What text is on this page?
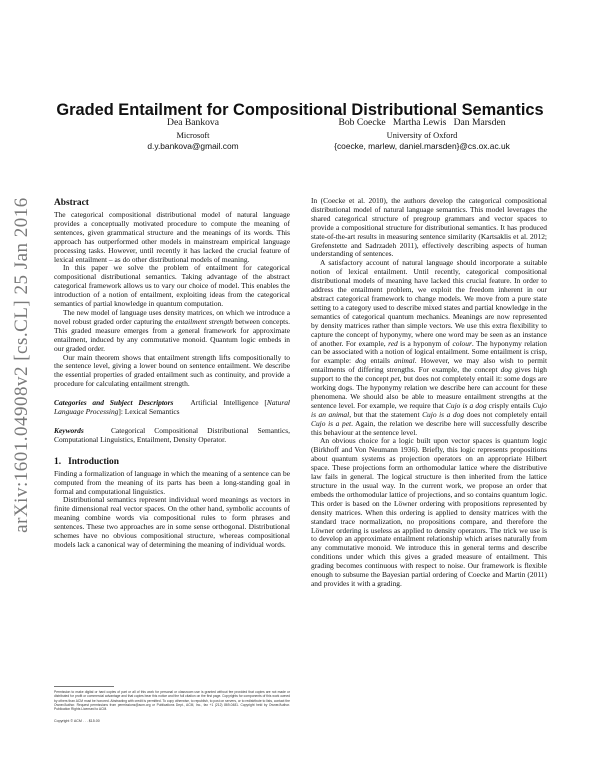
arXiv:1601.04908v2 [cs.CL] 25 Jan 2016
Graded Entailment for Compositional Distributional Semantics
Dea Bankova
Microsoft
d.y.bankova@gmail.com
Bob Coecke   Martha Lewis   Dan Marsden
University of Oxford
{coecke, marlew, daniel.marsden}@cs.ox.ac.uk
Abstract

The categorical compositional distributional model of natural language provides a conceptually motivated procedure to compute the meaning of sentences, given grammatical structure and the meanings of its words. This approach has outperformed other models in mainstream empirical language processing tasks. However, until recently it has lacked the crucial feature of lexical entailment – as do other distributional models of meaning.

In this paper we solve the problem of entailment for categorical compositional distributional semantics. Taking advantage of the abstract categorical framework allows us to vary our choice of model. This enables the introduction of a notion of entailment, exploiting ideas from the categorical semantics of partial knowledge in quantum computation.

The new model of language uses density matrices, on which we introduce a novel robust graded order capturing the entailment strength between concepts. This graded measure emerges from a general framework for approximate entailment, induced by any commutative monoid. Quantum logic embeds in our graded order.

Our main theorem shows that entailment strength lifts compositionally to the sentence level, giving a lower bound on sentence entailment. We describe the essential properties of graded entailment such as continuity, and provide a procedure for calculating entailment strength.

Categories and Subject Descriptors   Artificial Intelligence [Natural Language Processing]: Lexical Semantics

Keywords   Categorical Compositional Distributional Semantics, Computational Linguistics, Entailment, Density Operator.

1.   Introduction

Finding a formalization of language in which the meaning of a sentence can be computed from the meaning of its parts has been a long-standing goal in formal and computational linguistics.

Distributional semantics represent individual word meanings as vectors in finite dimensional real vector spaces. On the other hand, symbolic accounts of meaning combine words via compositional rules to form phrases and sentences. These two approaches are in some sense orthogonal. Distributional schemes have no obvious compositional structure, whereas compositional models lack a canonical way of determining the meaning of individual words.

Permission to make digital or hard copies of part or all of this work for personal or classroom use is granted without fee provided that copies are not made or distributed for profit or commercial advantage and that copies bear this notice and the full citation on the first page. Copyrights for components of this work owned by others than ACM must be honored. Abstracting with credit is permitted. To copy otherwise, to republish, to post on servers, or to redistribute to lists, contact the Owner/Author. Request permissions from permissions@acm.org or Publications Dept., ACM, Inc., fax +1 (212) 869-0481. Copyright held by Owner/Author. Publication Rights Licensed to ACM.
Copyright © ACM . . . $15.00

In (Coecke et al. 2010), the authors develop the categorical compositional distributional model of natural language semantics. This model leverages the shared categorical structure of pregroup grammars and vector spaces to provide a compositional structure for distributional semantics. It has produced state-of-the-art results in measuring sentence similarity (Kartsaklis et al. 2012; Grefenstette and Sadrzadeh 2011), effectively describing aspects of human understanding of sentences.

A satisfactory account of natural language should incorporate a suitable notion of lexical entailment. Until recently, categorical compositional distributional models of meaning have lacked this crucial feature. In order to address the entailment problem, we exploit the freedom inherent in our abstract categorical framework to change models. We move from a pure state setting to a category used to describe mixed states and partial knowledge in the semantics of categorical quantum mechanics. Meanings are now represented by density matrices rather than simple vectors. We use this extra flexibility to capture the concept of hyponymy, where one word may be seen as an instance of another. For example, red is a hyponym of colour. The hyponymy relation can be associated with a notion of logical entailment. Some entailment is crisp, for example: dog entails animal. However, we may also wish to permit entailments of differing strengths. For example, the concept dog gives high support to the the concept pet, but does not completely entail it: some dogs are working dogs. The hyponymy relation we describe here can account for these phenomena. We should also be able to measure entailment strengths at the sentence level. For example, we require that Cujo is a dog crisply entails Cujo is an animal, but that the statement Cujo is a dog does not completely entail Cujo is a pet. Again, the relation we describe here will successfully describe this behaviour at the sentence level.

An obvious choice for a logic built upon vector spaces is quantum logic (Birkhoff and Von Neumann 1936). Briefly, this logic represents propositions about quantum systems as projection operators on an appropriate Hilbert space. These projections form an orthomodular lattice where the distributive law fails in general. The logical structure is then inherited from the lattice structure in the usual way. In the current work, we propose an order that embeds the orthomodular lattice of projections, and so contains quantum logic. This order is based on the Löwner ordering with propositions represented by density matrices. When this ordering is applied to density matrices with the standard trace normalization, no propositions compare, and therefore the Löwner ordering is useless as applied to density operators. The trick we use is to develop an approximate entailment relationship which arises naturally from any commutative monoid. We introduce this in general terms and describe conditions under which this gives a graded measure of entailment. This grading becomes continuous with respect to noise. Our framework is flexible enough to subsume the Bayesian partial ordering of Coecke and Martin (2011) and provides it with a grading.
